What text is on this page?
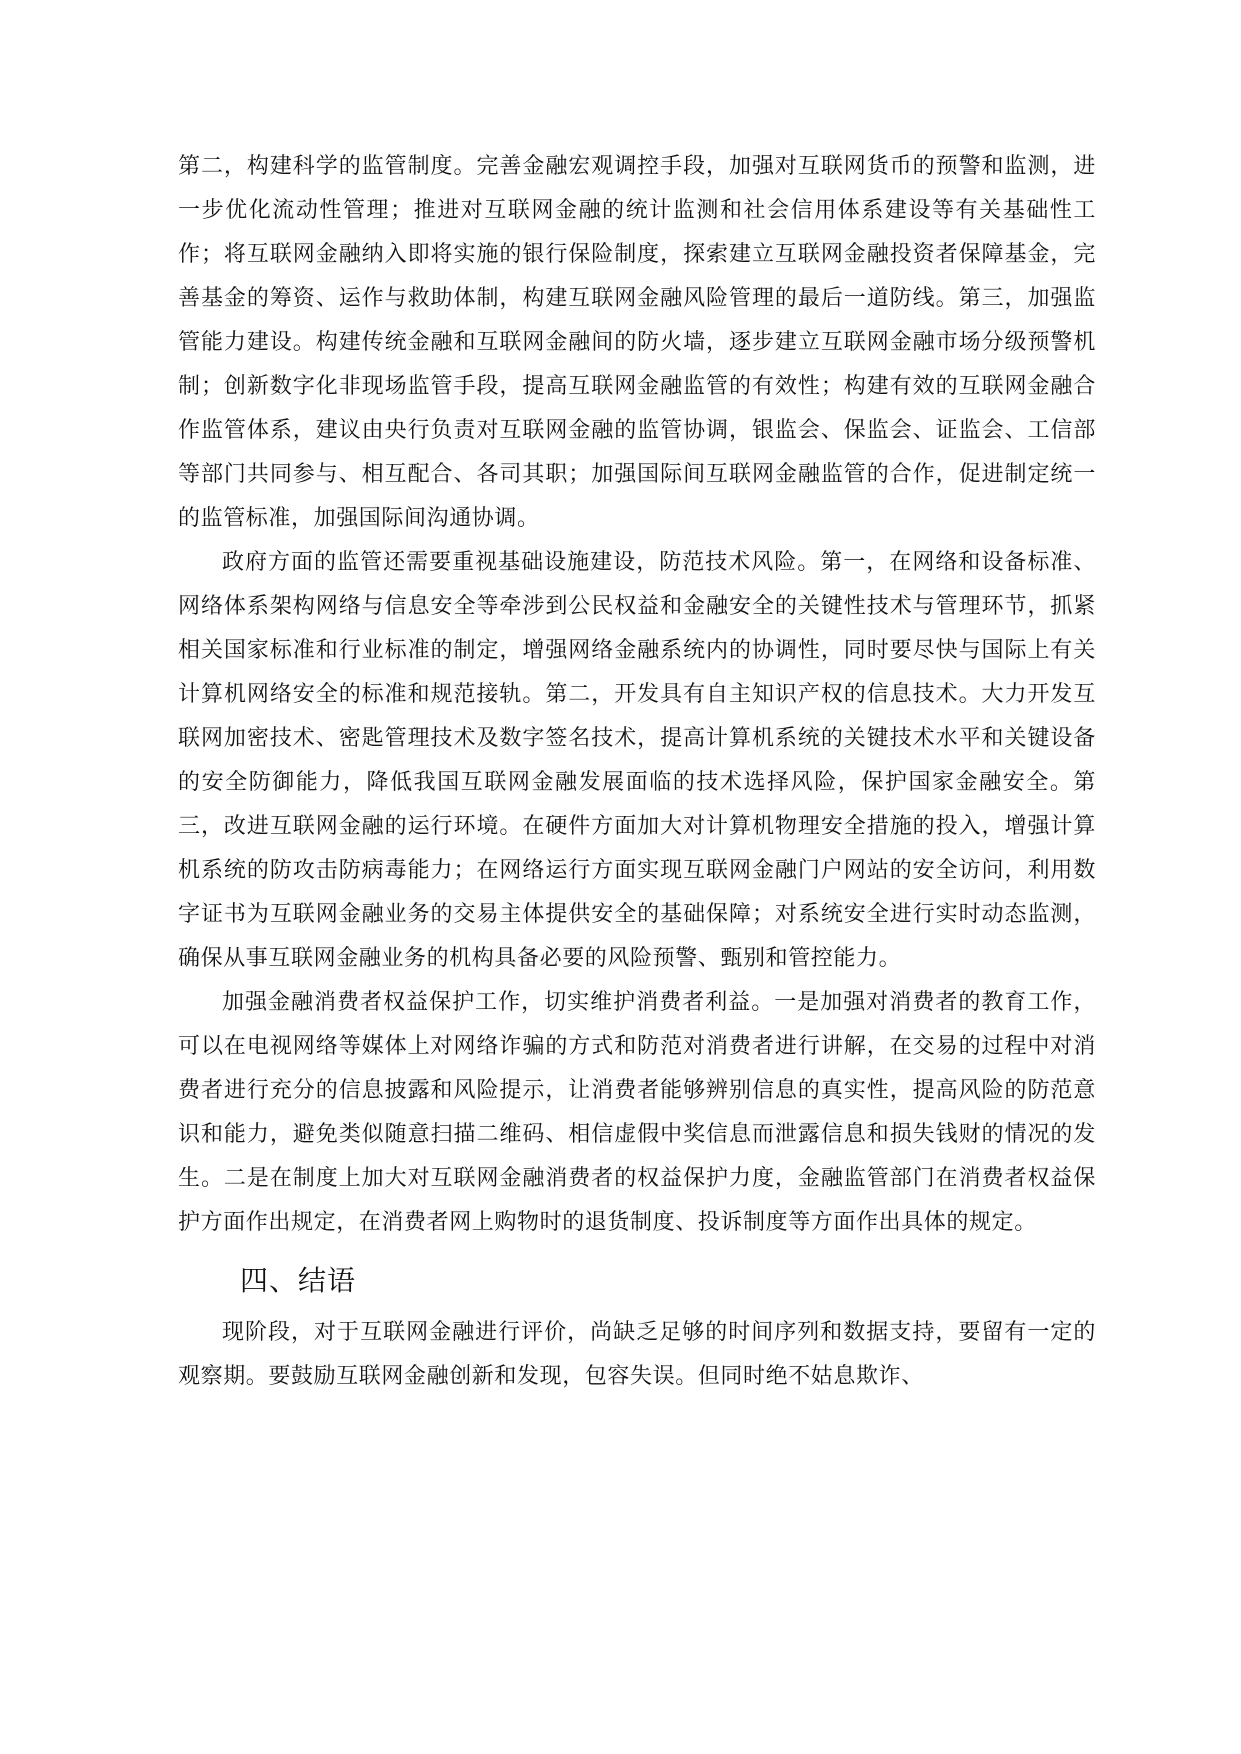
第二，构建科学的监管制度。完善金融宏观调控手段，加强对互联网货币的预警和监测，进一步优化流动性管理；推进对互联网金融的统计监测和社会信用体系建设等有关基础性工作；将互联网金融纳入即将实施的银行保险制度，探索建立互联网金融投资者保障基金，完善基金的筹资、运作与救助体制，构建互联网金融风险管理的最后一道防线。第三，加强监管能力建设。构建传统金融和互联网金融间的防火墙，逐步建立互联网金融市场分级预警机制；创新数字化非现场监管手段，提高互联网金融监管的有效性；构建有效的互联网金融合作监管体系，建议由央行负责对互联网金融的监管协调，银监会、保监会、证监会、工信部等部门共同参与、相互配合、各司其职；加强国际间互联网金融监管的合作，促进制定统一的监管标准，加强国际间沟通协调。

政府方面的监管还需要重视基础设施建设，防范技术风险。第一，在网络和设备标准、网络体系架构网络与信息安全等牵涉到公民权益和金融安全的关键性技术与管理环节，抓紧相关国家标准和行业标准的制定，增强网络金融系统内的协调性，同时要尽快与国际上有关计算机网络安全的标准和规范接轨。第二，开发具有自主知识产权的信息技术。大力开发互联网加密技术、密匙管理技术及数字签名技术，提高计算机系统的关键技术水平和关键设备的安全防御能力，降低我国互联网金融发展面临的技术选择风险，保护国家金融安全。第三，改进互联网金融的运行环境。在硬件方面加大对计算机物理安全措施的投入，增强计算机系统的防攻击防病毒能力；在网络运行方面实现互联网金融门户网站的安全访问，利用数字证书为互联网金融业务的交易主体提供安全的基础保障；对系统安全进行实时动态监测，确保从事互联网金融业务的机构具备必要的风险预警、甄别和管控能力。

加强金融消费者权益保护工作，切实维护消费者利益。一是加强对消费者的教育工作，可以在电视网络等媒体上对网络诈骗的方式和防范对消费者进行讲解，在交易的过程中对消费者进行充分的信息披露和风险提示，让消费者能够辨别信息的真实性，提高风险的防范意识和能力，避免类似随意扫描二维码、相信虚假中奖信息而泄露信息和损失钱财的情况的发生。二是在制度上加大对互联网金融消费者的权益保护力度，金融监管部门在消费者权益保护方面作出规定，在消费者网上购物时的退货制度、投诉制度等方面作出具体的规定。

四、结语

现阶段，对于互联网金融进行评价，尚缺乏足够的时间序列和数据支持，要留有一定的观察期。要鼓励互联网金融创新和发现，包容失误。但同时绝不姑息欺诈、
